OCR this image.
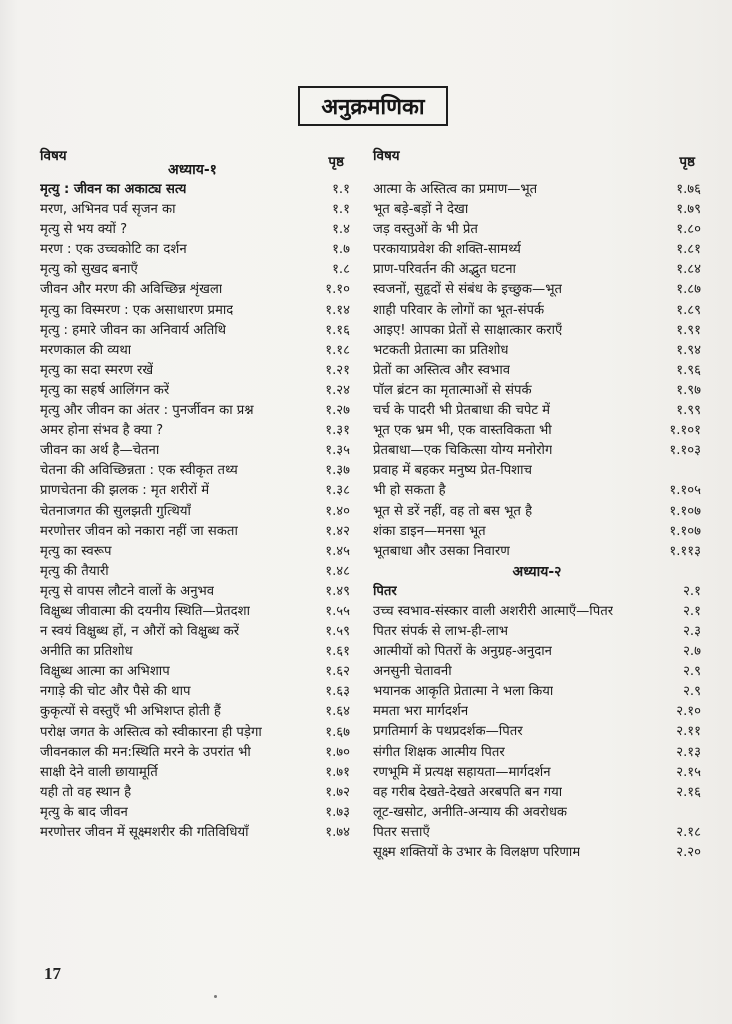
अनुक्रमणिका
विषय	पृष्ठ
अध्याय-१
मृत्यु : जीवन का अकाट्य सत्य	१.१
मरण, अभिनव पर्व सृजन का	१.१
मृत्यु से भय क्यों ?	१.४
मरण : एक उच्चकोटि का दर्शन	१.७
मृत्यु को सुखद बनाएँ	१.८
जीवन और मरण की अविच्छिन्न शृंखला	१.१०
मृत्यु का विस्मरण : एक असाधारण प्रमाद	१.१४
मृत्यु : हमारे जीवन का अनिवार्य अतिथि	१.१६
मरणकाल की व्यथा	१.१८
मृत्यु का सदा स्मरण रखें	१.२१
मृत्यु का सहर्ष आलिंगन करें	१.२४
मृत्यु और जीवन का अंतर : पुनर्जीवन का प्रश्न	१.२७
अमर होना संभव है क्या ?	१.३१
जीवन का अर्थ है—चेतना	१.३५
चेतना की अविच्छिन्नता : एक स्वीकृत तथ्य	१.३७
प्राणचेतना की झलक : मृत शरीरों में	१.३८
चेतनाजगत की सुलझती गुत्थियाँ	१.४०
मरणोत्तर जीवन को नकारा नहीं जा सकता	१.४२
मृत्यु का स्वरूप	१.४५
मृत्यु की तैयारी	१.४८
मृत्यु से वापस लौटने वालों के अनुभव	१.४९
विक्षुब्ध जीवात्मा की दयनीय स्थिति—प्रेतदशा	१.५५
न स्वयं विक्षुब्ध हों, न औरों को विक्षुब्ध करें	१.५९
अनीति का प्रतिशोध	१.६१
विक्षुब्ध आत्मा का अभिशाप	१.६२
नगाड़े की चोट और पैसे की थाप	१.६३
कुकृत्यों से वस्तुएँ भी अभिशप्त होती हैं	१.६४
परोक्ष जगत के अस्तित्व को स्वीकारना ही पड़ेगा	१.६७
जीवनकाल की मन:स्थिति मरने के उपरांत भी	१.७०
साक्षी देने वाली छायामूर्ति	१.७१
यही तो वह स्थान है	१.७२
मृत्यु के बाद जीवन	१.७३
मरणोत्तर जीवन में सूक्ष्मशरीर की गतिविधियाँ	१.७४
विषय	पृष्ठ
आत्मा के अस्तित्व का प्रमाण—भूत	१.७६
भूत बड़े-बड़ों ने देखा	१.७९
जड़ वस्तुओं के भी प्रेत	१.८०
परकायाप्रवेश की शक्ति-सामर्थ्य	१.८१
प्राण-परिवर्तन की अद्भुत घटना	१.८४
स्वजनों, सुहृदों से संबंध के इच्छुक—भूत	१.८७
शाही परिवार के लोगों का भूत-संपर्क	१.८९
आइए! आपका प्रेतों से साक्षात्कार कराएँ	१.९१
भटकती प्रेतात्मा का प्रतिशोध	१.९४
प्रेतों का अस्तित्व और स्वभाव	१.९६
पॉल ब्रंटन का मृतात्माओं से संपर्क	१.९७
चर्च के पादरी भी प्रेतबाधा की चपेट में	१.९९
भूत एक भ्रम भी, एक वास्तविकता भी	१.१०१
प्रेतबाधा—एक चिकित्सा योग्य मनोरोग	१.१०३
प्रवाह में बहकर मनुष्य प्रेत-पिशाच
भी हो सकता है	१.१०५
भूत से डरें नहीं, वह तो बस भूत है	१.१०७
शंका डाइन—मनसा भूत	१.१०७
भूतबाधा और उसका निवारण	१.११३
अध्याय-२
पितर	२.१
उच्च स्वभाव-संस्कार वाली अशरीरी आत्माएँ—पितर	२.१
पितर संपर्क से लाभ-ही-लाभ	२.३
आत्मीयों को पितरों के अनुग्रह-अनुदान	२.७
अनसुनी चेतावनी	२.९
भयानक आकृति प्रेतात्मा ने भला किया	२.९
ममता भरा मार्गदर्शन	२.१०
प्रगतिमार्ग के पथप्रदर्शक—पितर	२.११
संगीत शिक्षक आत्मीय पितर	२.१३
रणभूमि में प्रत्यक्ष सहायता—मार्गदर्शन	२.१५
वह गरीब देखते-देखते अरबपति बन गया	२.१६
लूट-खसोट, अनीति-अन्याय की अवरोधक
पितर सत्ताएँ	२.१८
सूक्ष्म शक्तियों के उभार के विलक्षण परिणाम	२.२०
17
